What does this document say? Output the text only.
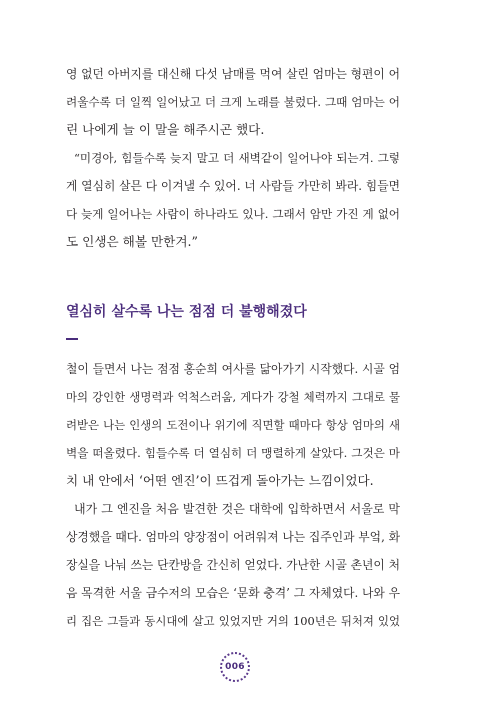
영 없던 아버지를 대신해 다섯 남매를 먹여 살린 엄마는 형편이 어
려울수록 더 일찍 일어났고 더 크게 노래를 불렀다. 그때 엄마는 어
린 나에게 늘 이 말을 해주시곤 했다.
“미경아, 힘들수록 늦지 말고 더 새벽같이 일어나야 되는겨. 그렇
게 열심히 살믄 다 이겨낼 수 있어. 너 사람들 가만히 봐라. 힘들면
다 늦게 일어나는 사람이 하나라도 있나. 그래서 암만 가진 게 없어
도 인생은 해볼 만한겨.”
열심히 살수록 나는 점점 더 불행해졌다
철이 들면서 나는 점점 홍순희 여사를 닮아가기 시작했다. 시골 엄
마의 강인한 생명력과 억척스러움, 게다가 강철 체력까지 그대로 물
려받은 나는 인생의 도전이나 위기에 직면할 때마다 항상 엄마의 새
벽을 떠올렸다. 힘들수록 더 열심히 더 맹렬하게 살았다. 그것은 마
치 내 안에서 ‘어떤 엔진’이 뜨겁게 돌아가는 느낌이었다.
내가 그 엔진을 처음 발견한 것은 대학에 입학하면서 서울로 막
상경했을 때다. 엄마의 양장점이 어려워져 나는 집주인과 부엌, 화
장실을 나눠 쓰는 단칸방을 간신히 얻었다. 가난한 시골 촌년이 처
음 목격한 서울 금수저의 모습은 ‘문화 충격’ 그 자체였다. 나와 우
리 집은 그들과 동시대에 살고 있었지만 거의 100년은 뒤처져 있었
006
